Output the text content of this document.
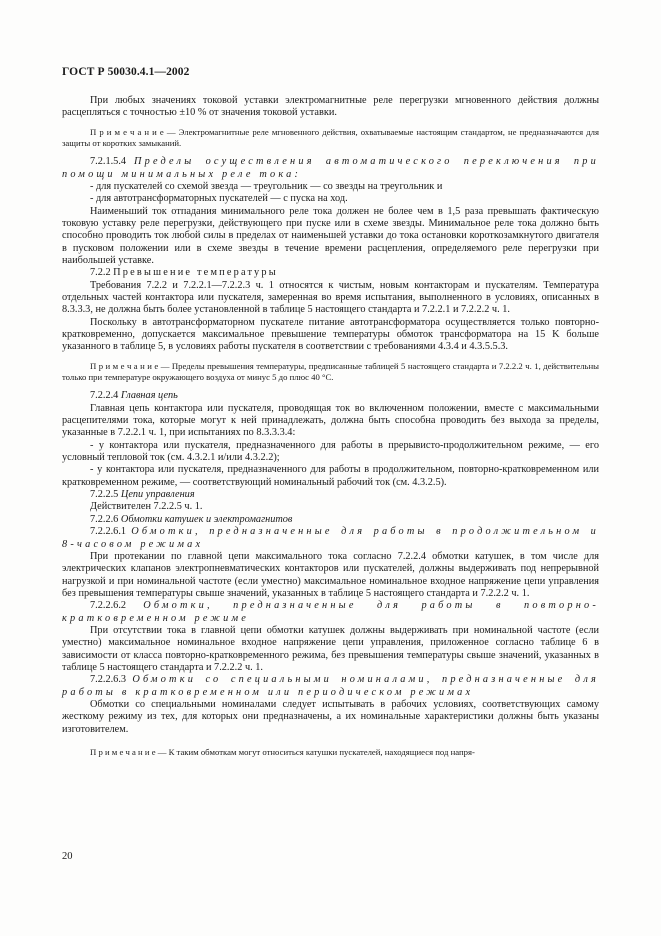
ГОСТ Р 50030.4.1—2002

При любых значениях токовой уставки электромагнитные реле перегрузки мгновенного действия должны расцепляться с точностью ±10 % от значения токовой уставки.

П р и м е ч а н и е — Электромагнитные реле мгновенного действия, охватываемые настоящим стандартом, не предназначаются для защиты от коротких замыканий.

7.2.1.5.4 Пределы осуществления автоматического переключения при помощи минимальных реле тока:

- для пускателей со схемой звезда — треугольник — со звезды на треугольник и

- для автотрансформаторных пускателей — с пуска на ход.

Наименьший ток отпадания минимального реле тока должен не более чем в 1,5 раза превышать фактическую токовую уставку реле перегрузки, действующего при пуске или в схеме звезды. Минимальное реле тока должно быть способно проводить ток любой силы в пределах от наименьшей уставки до тока остановки короткозамкнутого двигателя в пусковом положении или в схеме звезды в течение времени расцепления, определяемого реле перегрузки при наибольшей уставке.

7.2.2 Превышение температуры

Требования 7.2.2 и 7.2.2.1—7.2.2.3 ч. 1 относятся к чистым, новым контакторам и пускателям. Температура отдельных частей контактора или пускателя, замеренная во время испытания, выполненного в условиях, описанных в 8.3.3.3, не должна быть более установленной в таблице 5 настоящего стандарта и 7.2.2.1 и 7.2.2.2 ч. 1.

Поскольку в автотрансформаторном пускателе питание автотрансформатора осуществляется только повторно-кратковременно, допускается максимальное превышение температуры обмоток трансформатора на 15 K больше указанного в таблице 5, в условиях работы пускателя в соответствии с требованиями 4.3.4 и 4.3.5.5.3.

П р и м е ч а н и е — Пределы превышения температуры, предписанные таблицей 5 настоящего стандарта и 7.2.2.2 ч. 1, действительны только при температуре окружающего воздуха от минус 5 до плюс 40 °С.

7.2.2.4 Главная цепь

Главная цепь контактора или пускателя, проводящая ток во включенном положении, вместе с максимальными расцепителями тока, которые могут к ней принадлежать, должна быть способна проводить без выхода за пределы, указанные в 7.2.2.1 ч. 1, при испытаниях по 8.3.3.3.4:

- у контактора или пускателя, предназначенного для работы в прерывисто-продолжительном режиме, — его условный тепловой ток (см. 4.3.2.1 и/или 4.3.2.2);

- у контактора или пускателя, предназначенного для работы в продолжительном, повторно-кратковременном или кратковременном режиме, — соответствующий номинальный рабочий ток (см. 4.3.2.5).

7.2.2.5 Цепи управления

Действителен 7.2.2.5 ч. 1.

7.2.2.6 Обмотки катушек и электромагнитов

7.2.2.6.1 Обмотки, предназначенные для работы в продолжительном и 8-часовом режимах

При протекании по главной цепи максимального тока согласно 7.2.2.4 обмотки катушек, в том числе для электрических клапанов электропневматических контакторов или пускателей, должны выдерживать под непрерывной нагрузкой и при номинальной частоте (если уместно) максимальное номинальное входное напряжение цепи управления без превышения температуры свыше значений, указанных в таблице 5 настоящего стандарта и 7.2.2.2 ч. 1.

7.2.2.6.2 Обмотки, предназначенные для работы в повторно-кратковременном режиме

При отсутствии тока в главной цепи обмотки катушек должны выдерживать при номинальной частоте (если уместно) максимальное номинальное входное напряжение цепи управления, приложенное согласно таблице 6 в зависимости от класса повторно-кратковременного режима, без превышения температуры свыше значений, указанных в таблице 5 настоящего стандарта и 7.2.2.2 ч. 1.

7.2.2.6.3 Обмотки со специальными номиналами, предназначенные для работы в кратковременном или периодическом режимах

Обмотки со специальными номиналами следует испытывать в рабочих условиях, соответствующих самому жесткому режиму из тех, для которых они предназначены, а их номинальные характеристики должны быть указаны изготовителем.

П р и м е ч а н и е — К таким обмоткам могут относиться катушки пускателей, находящиеся под напря-

20
